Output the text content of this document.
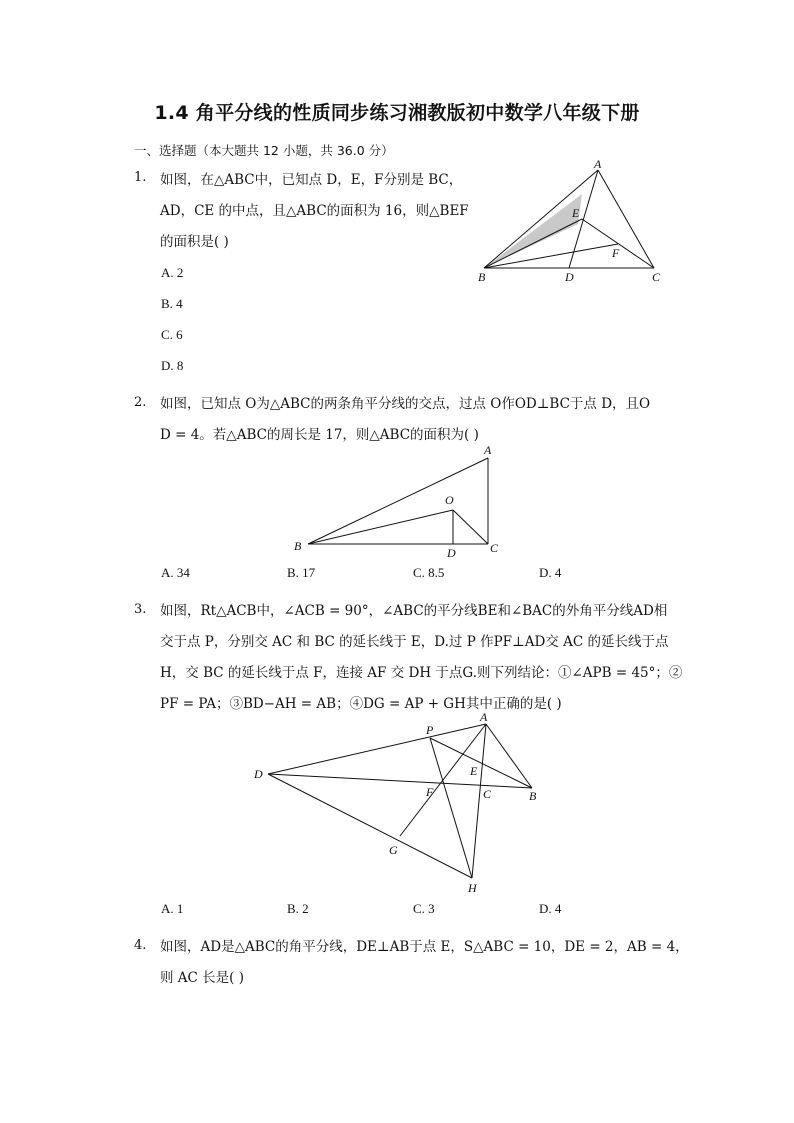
1.4 角平分线的性质同步练习湘教版初中数学八年级下册
一、选择题（本大题共 12 小题，共 36.0 分）
1. 如图，在△ABC中，已知点 D，E，F分别是 BC，
AD，CE 的中点，且△ABC的面积为 16，则△BEF
的面积是( )
A. 2
B. 4
C. 6
D. 8
A
E
F
B	D	C
2. 如图，已知点 O为△ABC的两条角平分线的交点，过点 O作OD⊥BC于点 D，且O
D = 4。若△ABC的周长是 17，则△ABC的面积为( )
A
O
B	D	C
A. 34	B. 17	C. 8.5	D. 4
3. 如图，Rt△ACB中，∠ACB = 90°，∠ABC的平分线BE和∠BAC的外角平分线AD相
交于点 P，分别交 AC 和 BC 的延长线于 E，D.过 P 作PF⊥AD交 AC 的延长线于点
H，交 BC 的延长线于点 F，连接 AF 交 DH 于点G.则下列结论：①∠APB = 45°；②
PF = PA；③BD−AH = AB；④DG = AP + GH其中正确的是( )
P
A
D	E
F	C	B
G
H
A. 1	B. 2	C. 3	D. 4
4. 如图，AD是△ABC的角平分线，DE⊥AB于点 E，S△ABC = 10，DE = 2，AB = 4，
则 AC 长是( )
